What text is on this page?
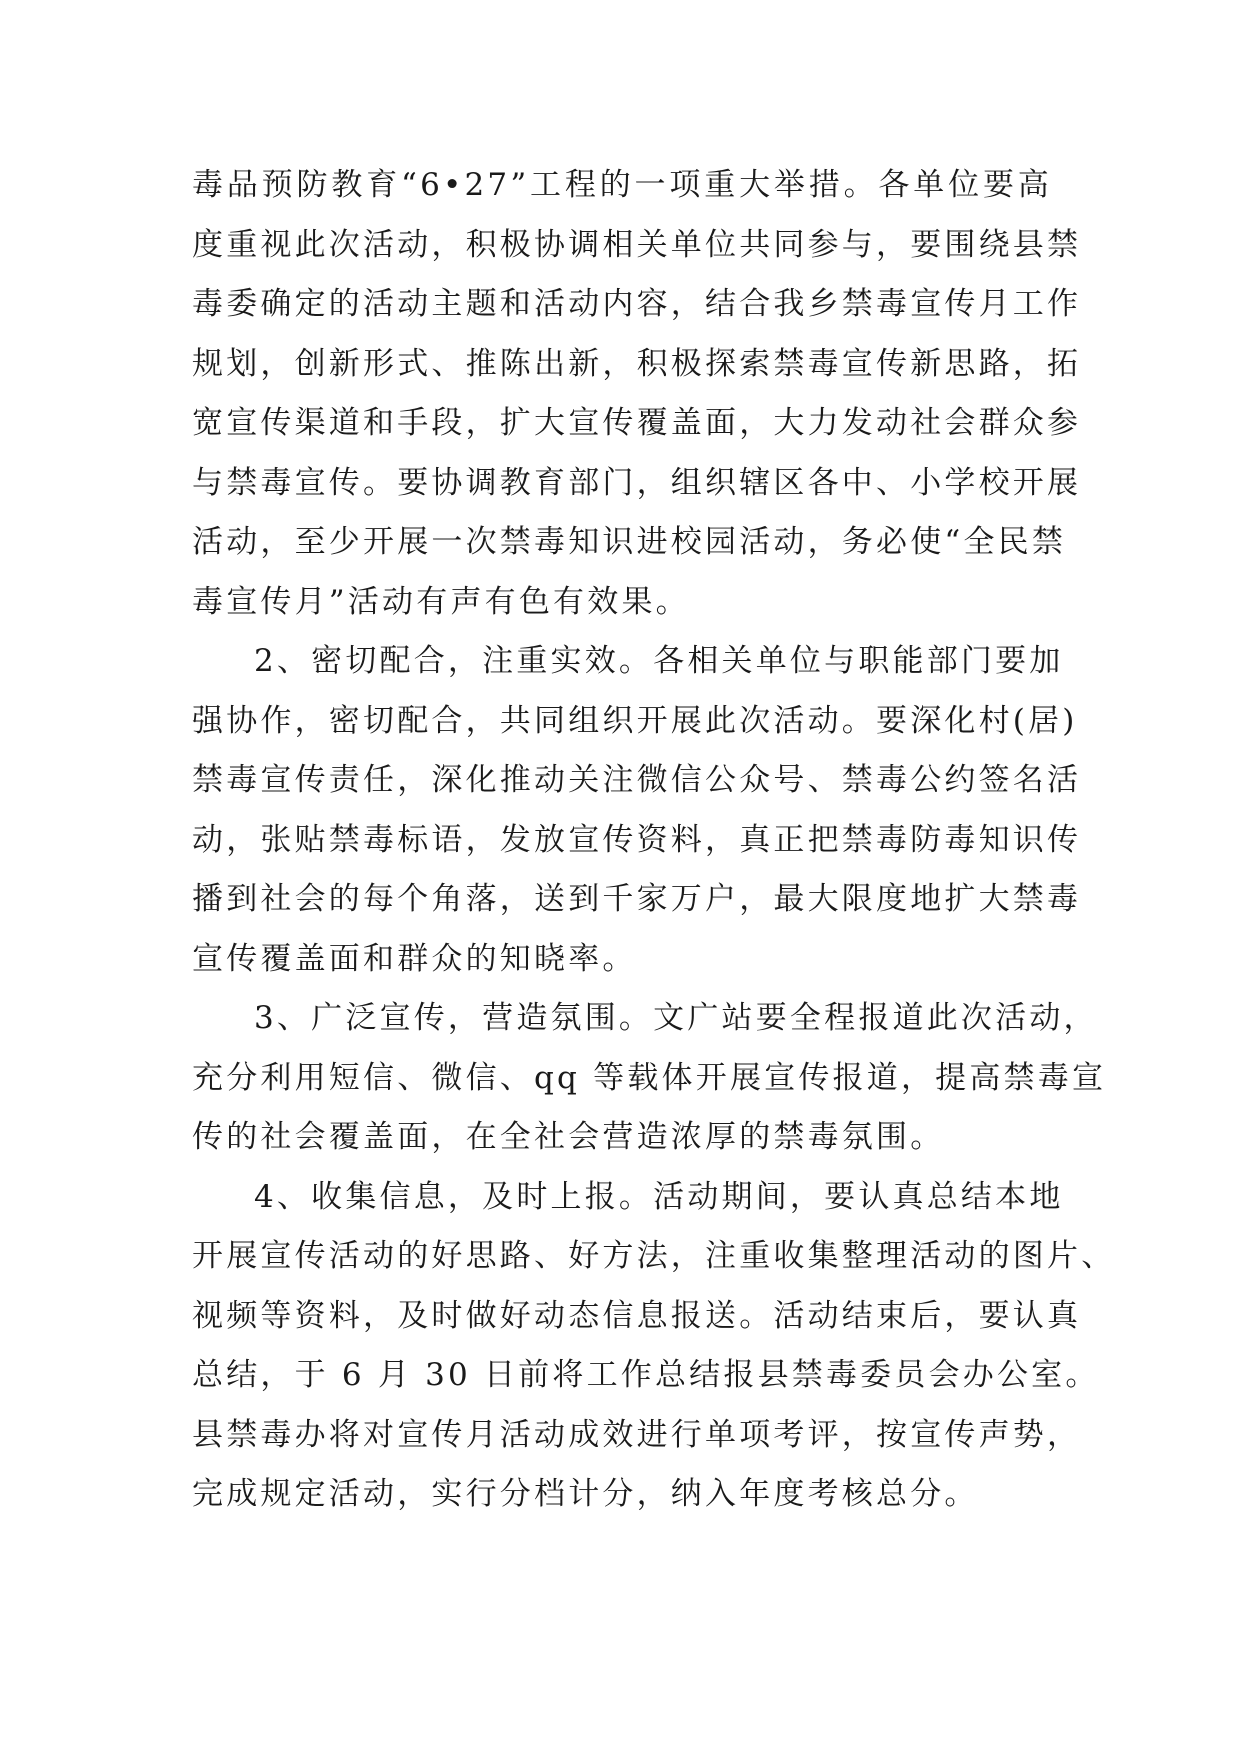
毒品预防教育“6•27”工程的一项重大举措。各单位要高
度重视此次活动，积极协调相关单位共同参与，要围绕县禁
毒委确定的活动主题和活动内容，结合我乡禁毒宣传月工作
规划，创新形式、推陈出新，积极探索禁毒宣传新思路，拓
宽宣传渠道和手段，扩大宣传覆盖面，大力发动社会群众参
与禁毒宣传。要协调教育部门，组织辖区各中、小学校开展
活动，至少开展一次禁毒知识进校园活动，务必使“全民禁
毒宣传月”活动有声有色有效果。
2、密切配合，注重实效。各相关单位与职能部门要加
强协作，密切配合，共同组织开展此次活动。要深化村(居)
禁毒宣传责任，深化推动关注微信公众号、禁毒公约签名活
动，张贴禁毒标语，发放宣传资料，真正把禁毒防毒知识传
播到社会的每个角落，送到千家万户，最大限度地扩大禁毒
宣传覆盖面和群众的知晓率。
3、广泛宣传，营造氛围。文广站要全程报道此次活动，
充分利用短信、微信、qq 等载体开展宣传报道，提高禁毒宣
传的社会覆盖面，在全社会营造浓厚的禁毒氛围。
4、收集信息，及时上报。活动期间，要认真总结本地
开展宣传活动的好思路、好方法，注重收集整理活动的图片、
视频等资料，及时做好动态信息报送。活动结束后，要认真
总结，于 6 月 30 日前将工作总结报县禁毒委员会办公室。
县禁毒办将对宣传月活动成效进行单项考评，按宣传声势，
完成规定活动，实行分档计分，纳入年度考核总分。
